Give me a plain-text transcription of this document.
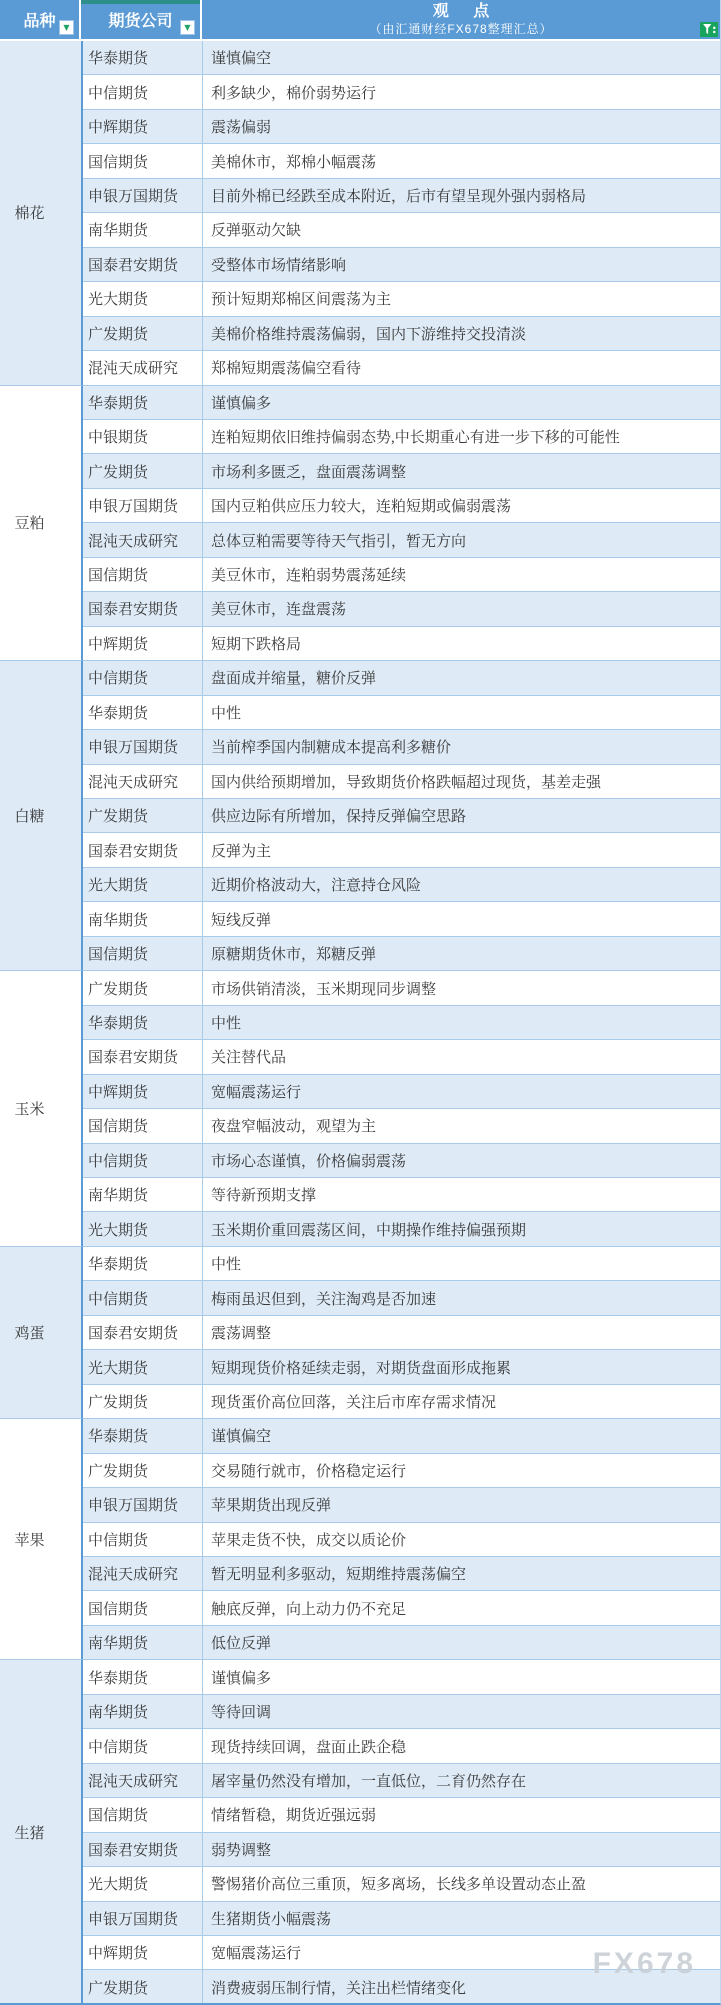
品种 ▼ 期货公司 ▼
观 点
（由汇通财经FX678整理汇总）
棉花
华泰期货	谨慎偏空
中信期货	利多缺少，棉价弱势运行
中辉期货	震荡偏弱
国信期货	美棉休市，郑棉小幅震荡
申银万国期货	目前外棉已经跌至成本附近，后市有望呈现外强内弱格局
南华期货	反弹驱动欠缺
国泰君安期货	受整体市场情绪影响
光大期货	预计短期郑棉区间震荡为主
广发期货	美棉价格维持震荡偏弱，国内下游维持交投清淡
混沌天成研究	郑棉短期震荡偏空看待
豆粕
华泰期货	谨慎偏多
中银期货	连粕短期依旧维持偏弱态势,中长期重心有进一步下移的可能性
广发期货	市场利多匮乏，盘面震荡调整
申银万国期货	国内豆粕供应压力较大，连粕短期或偏弱震荡
混沌天成研究	总体豆粕需要等待天气指引，暂无方向
国信期货	美豆休市，连粕弱势震荡延续
国泰君安期货	美豆休市，连盘震荡
中辉期货	短期下跌格局
白糖
中信期货	盘面成并缩量，糖价反弹
华泰期货	中性
申银万国期货	当前榨季国内制糖成本提高利多糖价
混沌天成研究	国内供给预期增加，导致期货价格跌幅超过现货，基差走强
广发期货	供应边际有所增加，保持反弹偏空思路
国泰君安期货	反弹为主
光大期货	近期价格波动大，注意持仓风险
南华期货	短线反弹
国信期货	原糖期货休市，郑糖反弹
玉米
广发期货	市场供销清淡，玉米期现同步调整
华泰期货	中性
国泰君安期货	关注替代品
中辉期货	宽幅震荡运行
国信期货	夜盘窄幅波动，观望为主
中信期货	市场心态谨慎，价格偏弱震荡
南华期货	等待新预期支撑
光大期货	玉米期价重回震荡区间，中期操作维持偏强预期
鸡蛋
华泰期货	中性
中信期货	梅雨虽迟但到，关注淘鸡是否加速
国泰君安期货	震荡调整
光大期货	短期现货价格延续走弱，对期货盘面形成拖累
广发期货	现货蛋价高位回落，关注后市库存需求情况
苹果
华泰期货	谨慎偏空
广发期货	交易随行就市，价格稳定运行
申银万国期货	苹果期货出现反弹
中信期货	苹果走货不快，成交以质论价
混沌天成研究	暂无明显利多驱动，短期维持震荡偏空
国信期货	触底反弹，向上动力仍不充足
南华期货	低位反弹
生猪
华泰期货	谨慎偏多
南华期货	等待回调
中信期货	现货持续回调，盘面止跌企稳
混沌天成研究	屠宰量仍然没有增加，一直低位，二育仍然存在
国信期货	情绪暂稳，期货近强远弱
国泰君安期货	弱势调整
光大期货	警惕猪价高位三重顶，短多离场，长线多单设置动态止盈
申银万国期货	生猪期货小幅震荡
中辉期货	宽幅震荡运行
广发期货	消费疲弱压制行情，关注出栏情绪变化
FX678
